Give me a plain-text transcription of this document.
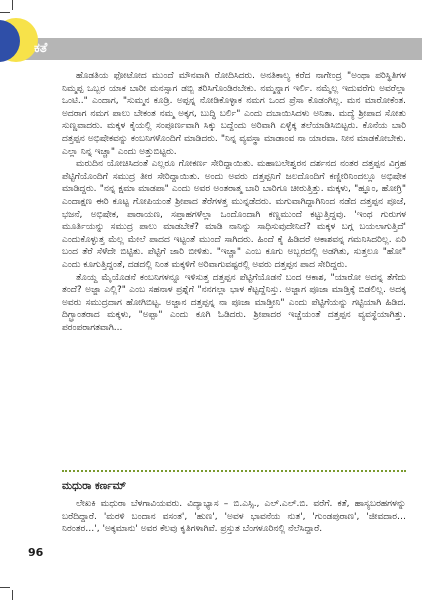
ಕತೆ

ಹೊಡತಿಯ ಫೋಟೋದ ಮುಂದೆ ಮೌನವಾಗಿ ರೋದಿಸಿದರು. ಅನತಿಕಾಲ್ಯ ಕರೆದ ನಾಗೇಂದ್ರ "ಅಂಥಾ ಪರಿಸ್ಥಿತಿಗಳ ನಿಮ್ಮಪ್ಪ ಒಬ್ಬರ ಯಾಕ ಬಾರೀ ಮನಸ್ಸಾಗ ಡಬ್ಬಿ ತರಿಸಿಗೊಂಡಿರಬೇಕು. ನಮ್ಮನ್ನಾಗ ಇರ್ಲಿ. ನಮ್ಮೆಲ್ಲ ಇದುವರೆಗು ಅವರೆಲ್ಲಾ ಒಂಟಿ.." ಎಂದಾಗ, "ಸುಮ್ಮನ ಕೂಡ್ರಿ. ಅಪ್ಪನ್ನ ನೋಡಿಕೊಳ್ಳಾಕ ನಮಗ ಒಂದ ಪ್ರೆಸಾ ಕೊಡಂಗಿಲ್ಲ. ಮನ ಮಾರೋಕೆಂತ. ಅದರಾಗ ನಮಗ ಪಾಲು ಬೇಕಂತ ನಮ್ಮ ಅಕ್ಕಗ, ಬುದ್ಧಿ ಬರ್ಲಿ" ಎಂದು ದಬಾಯಿಸಿದಳು ಅನಿತಾ. ಮದ್ಯೆ ಶ್ರೀಪಾದ ಸೋತು ಸುಣ್ಣವಾದರು. ಮಕ್ಕಳ ಕೈಯಲ್ಲಿ ಸಂಪೂರ್ಣವಾಗಿ ಸಿಕ್ಕು ಬದ್ದೆಂದು ಅರಿವಾಗಿ ಏಳ್ಳೆಕ್ಕ ತಲೆಯಾಡಿಸಿಬಿಟ್ಟರು. ಕೊನೆಯ ಬಾರಿ ದತ್ತಪ್ಪನ ಅಭಿಷೇಕವನ್ನು ಕಂಬನಿಗಳೊಂದಿಗೆ ಮಾಡಿದರು. "ನಿನ್ನ ವ್ಯವಸ್ಥಾ ಮಾಡಾಂವ ನಾ ಯಾರವಾ. ನೀನ ಮಾಡಕೋಬೇಕು. ಎಲ್ಲಾ ನಿನ್ನ ಇಚ್ಚಾ" ಎಂದು ಅತ್ತುಬಿಟ್ಟರು.

ಮರುದಿನ ಯೋಚಿಸಿದಂತೆ ಎಲ್ಲರೂ ಗೋಕರ್ಣ ಸೇರಿದ್ದಾಯಿತು. ಮಹಾಬಲೇಶ್ವರನ ದರ್ಶನದ ನಂತರ ದತ್ತಪ್ಪನ ವಿಗ್ರಹ ಪೆಟ್ಟಿಗೆಯೊಂದಿಗೆ ಸಮುದ್ರ ತೀರ ಸೇರಿದ್ದಾಯಿತು. ಅಂದು ಅವರು ದತ್ತಪ್ಪನಿಗೆ ಜಲದೊಂದಿಗೆ ಕಣ್ಣೀರಿನಿಂದಲ್ಲೂ ಅಭಿಷೇಕ ಮಾಡಿದ್ದರು. "ನನ್ನ ಕ್ಷಮಾ ಮಾಡಪಾ" ಎಂದು ಅವರ ಅಂತರಾತ್ಮ ಬಾರಿ ಬಾರಿಗೂ ಚೀರುತ್ತಿತ್ತು. ಮಕ್ಕಳು, "ಹ್ಞೂಂ, ಹೋಗ್ರಿ" ಎಂದಾಕ್ಷಣ ಈರಿ ಕೂಟ್ಟ ಗೋಪಿಯಂತೆ ಶ್ರೀಪಾದ ತೆರೆಗಳತ್ತ ಮುನ್ನಡೆದರು. ಮಗುವಾಗಿದ್ದಾಗಿನಿಂದ ನಡೆದ ದತ್ತಪ್ಪನ ಪೂಜೆ, ಭಜನೆ, ಅಭಿಷೇಕ, ಪಾರಾಯಣ, ಸಪ್ತಾಹಗಳೆಲ್ಲಾ ಒಂದೊಂದಾಗಿ ಕಣ್ಣಮುಂದೆ ಕಟ್ಟುತ್ತಿದ್ದವು. 'ಇಂಥ ಗುರುಗಳ ಮೂರ್ತಿಯನ್ನು ಸಮುದ್ರ ಪಾಲು ಮಾಡಬೇಕೆ? ಮಾಡಿ ನಾನಿನ್ನು ಸಾಧಿಸುವುದೇನಿದೆ? ಮಕ್ಕಳ ಬಗ್ಗ ಬಯಲಾಗುತ್ತಿದೆ' ಎಂದುಕೊಳ್ಳುತ್ತ ಮೆಲ್ಲ ಮೇಲೆ ಪಾದದ ಇಟ್ಟಂತೆ ಮುಂದೆ ಸಾಗಿದರು. ಹಿಂದೆ ಕೈ ಹಿಡಿದರೆ ಆಕಾಶವನ್ನ ಗಮನಿಸಿದರಿಲ್ಲ. ಏರಿ ಬಂದ ತೆರೆ ಸೆಳೆದೇ ಬಿಟ್ಟಿತು. ಪೆಟ್ಟಿಗೆ ಜಾರಿ ಬೀಳಿತು. "ಇಚ್ಚಾ" ಎಂಬ ಕೂಗು ಅಬ್ಬರದಲ್ಲಿ ಅಡಗಿತು, ಸುತ್ತಲೂ "ಹೋ" ಎಂದು ಕೂಗುತ್ತಿದ್ದಂತೆ, ದಡದಲ್ಲಿ ನಿಂತ ಮಕ್ಕಳಿಗೆ ಅರಿವಾಗುವಷ್ಟರಲ್ಲಿ ಅವರು ದತ್ತಪ್ಪನ ಪಾದ ಸೇರಿದ್ದರು.

ತೊಯ್ದ ಮೈಯೊಡನೆ ಕಂಬನಿಗಳನ್ನೂ ಇಳಿಸುತ್ತ ದತ್ತಪ್ಪನ ಪೆಟ್ಟಿಗೆಯೊಡನೆ ಬಂದ ಆಕಾಶ, "ಯಾರೋ ಅದನ್ನ ತೆಗೆದು ತಂದೆ? ಅಜ್ಜಾ ಎಲ್ಲಿ?" ಎಂಬ ಸಹನಾಳ ಪ್ರಶ್ನೆಗೆ "ನನಗಲ್ಲಾ ಭಾಳ ಕೆಟ್ಟದ್ದೆನಿಸ್ತು. ಅಜ್ಜಾಗ ಪೂಜಾ ಮಾಡ್ತಿಕ್ಕೆ ಬಿಡಲಿಲ್ಲ. ಅದಕ್ಕ ಅವರು ಸಮುದ್ರದಾಗ ಹೋಗಿಬಿಟ್ಟ. ಅಜ್ಜಾನ ದತ್ತಪ್ಪನ್ನ ನಾ ಪೂಜಾ ಮಾಡ್ತೀನಿ" ಎಂದು ಪೆಟ್ಟಿಗೆಯನ್ನು ಗಟ್ಟಿಯಾಗಿ ಹಿಡಿದ. ದಿಗ್ಭ್ರಾಂತರಾದ ಮಕ್ಕಳು, "ಅಪ್ಪಾ" ಎಂದು ಕೂಗಿ ಓಡಿದರು. ಶ್ರೀಪಾದರ ಇಚ್ಚೆಯಂತೆ ದತ್ತಪ್ಪನ ವ್ಯವಸ್ಥೆಯಾಗಿತ್ತು. ಪರಂಪರಾಗತವಾಗಿ...

ಮಧುರಾ ಕರ್ಣಮ್

ಲೇಖಕಿ ಮಧುರಾ ಬೆಳಗಾವಿಯವರು. ವಿದ್ಯಾಭ್ಯಾಸ – ಬಿ.ಎಸ್ಸಿ., ಎಲ್.ಎಲ್.ಬಿ. ವರೆಗೆ. ಕತೆ, ಹಾಸ್ಯಬರಹಗಳನ್ನು ಬರೆದಿದ್ದಾರೆ. 'ಮರಳಿ ಬಂದಾನ ವಸಂತ', 'ಹುಣ', 'ಅವಳ ಭಾವನೆಯ ನುತ', 'ಗುಂಡಪುರಾಣ', 'ಜೀವದಾರ… ನಿರಂತರ…', 'ಅಕ್ಕಮಾನು' ಅವರ ಕೆಲವು ಕೃತಿಗಳಾಗಿವೆ. ಪ್ರಸ್ತುತ ಬೆಂಗಳೂರಿನಲ್ಲಿ ನೆಲೆಸಿದ್ದಾರೆ.

96
